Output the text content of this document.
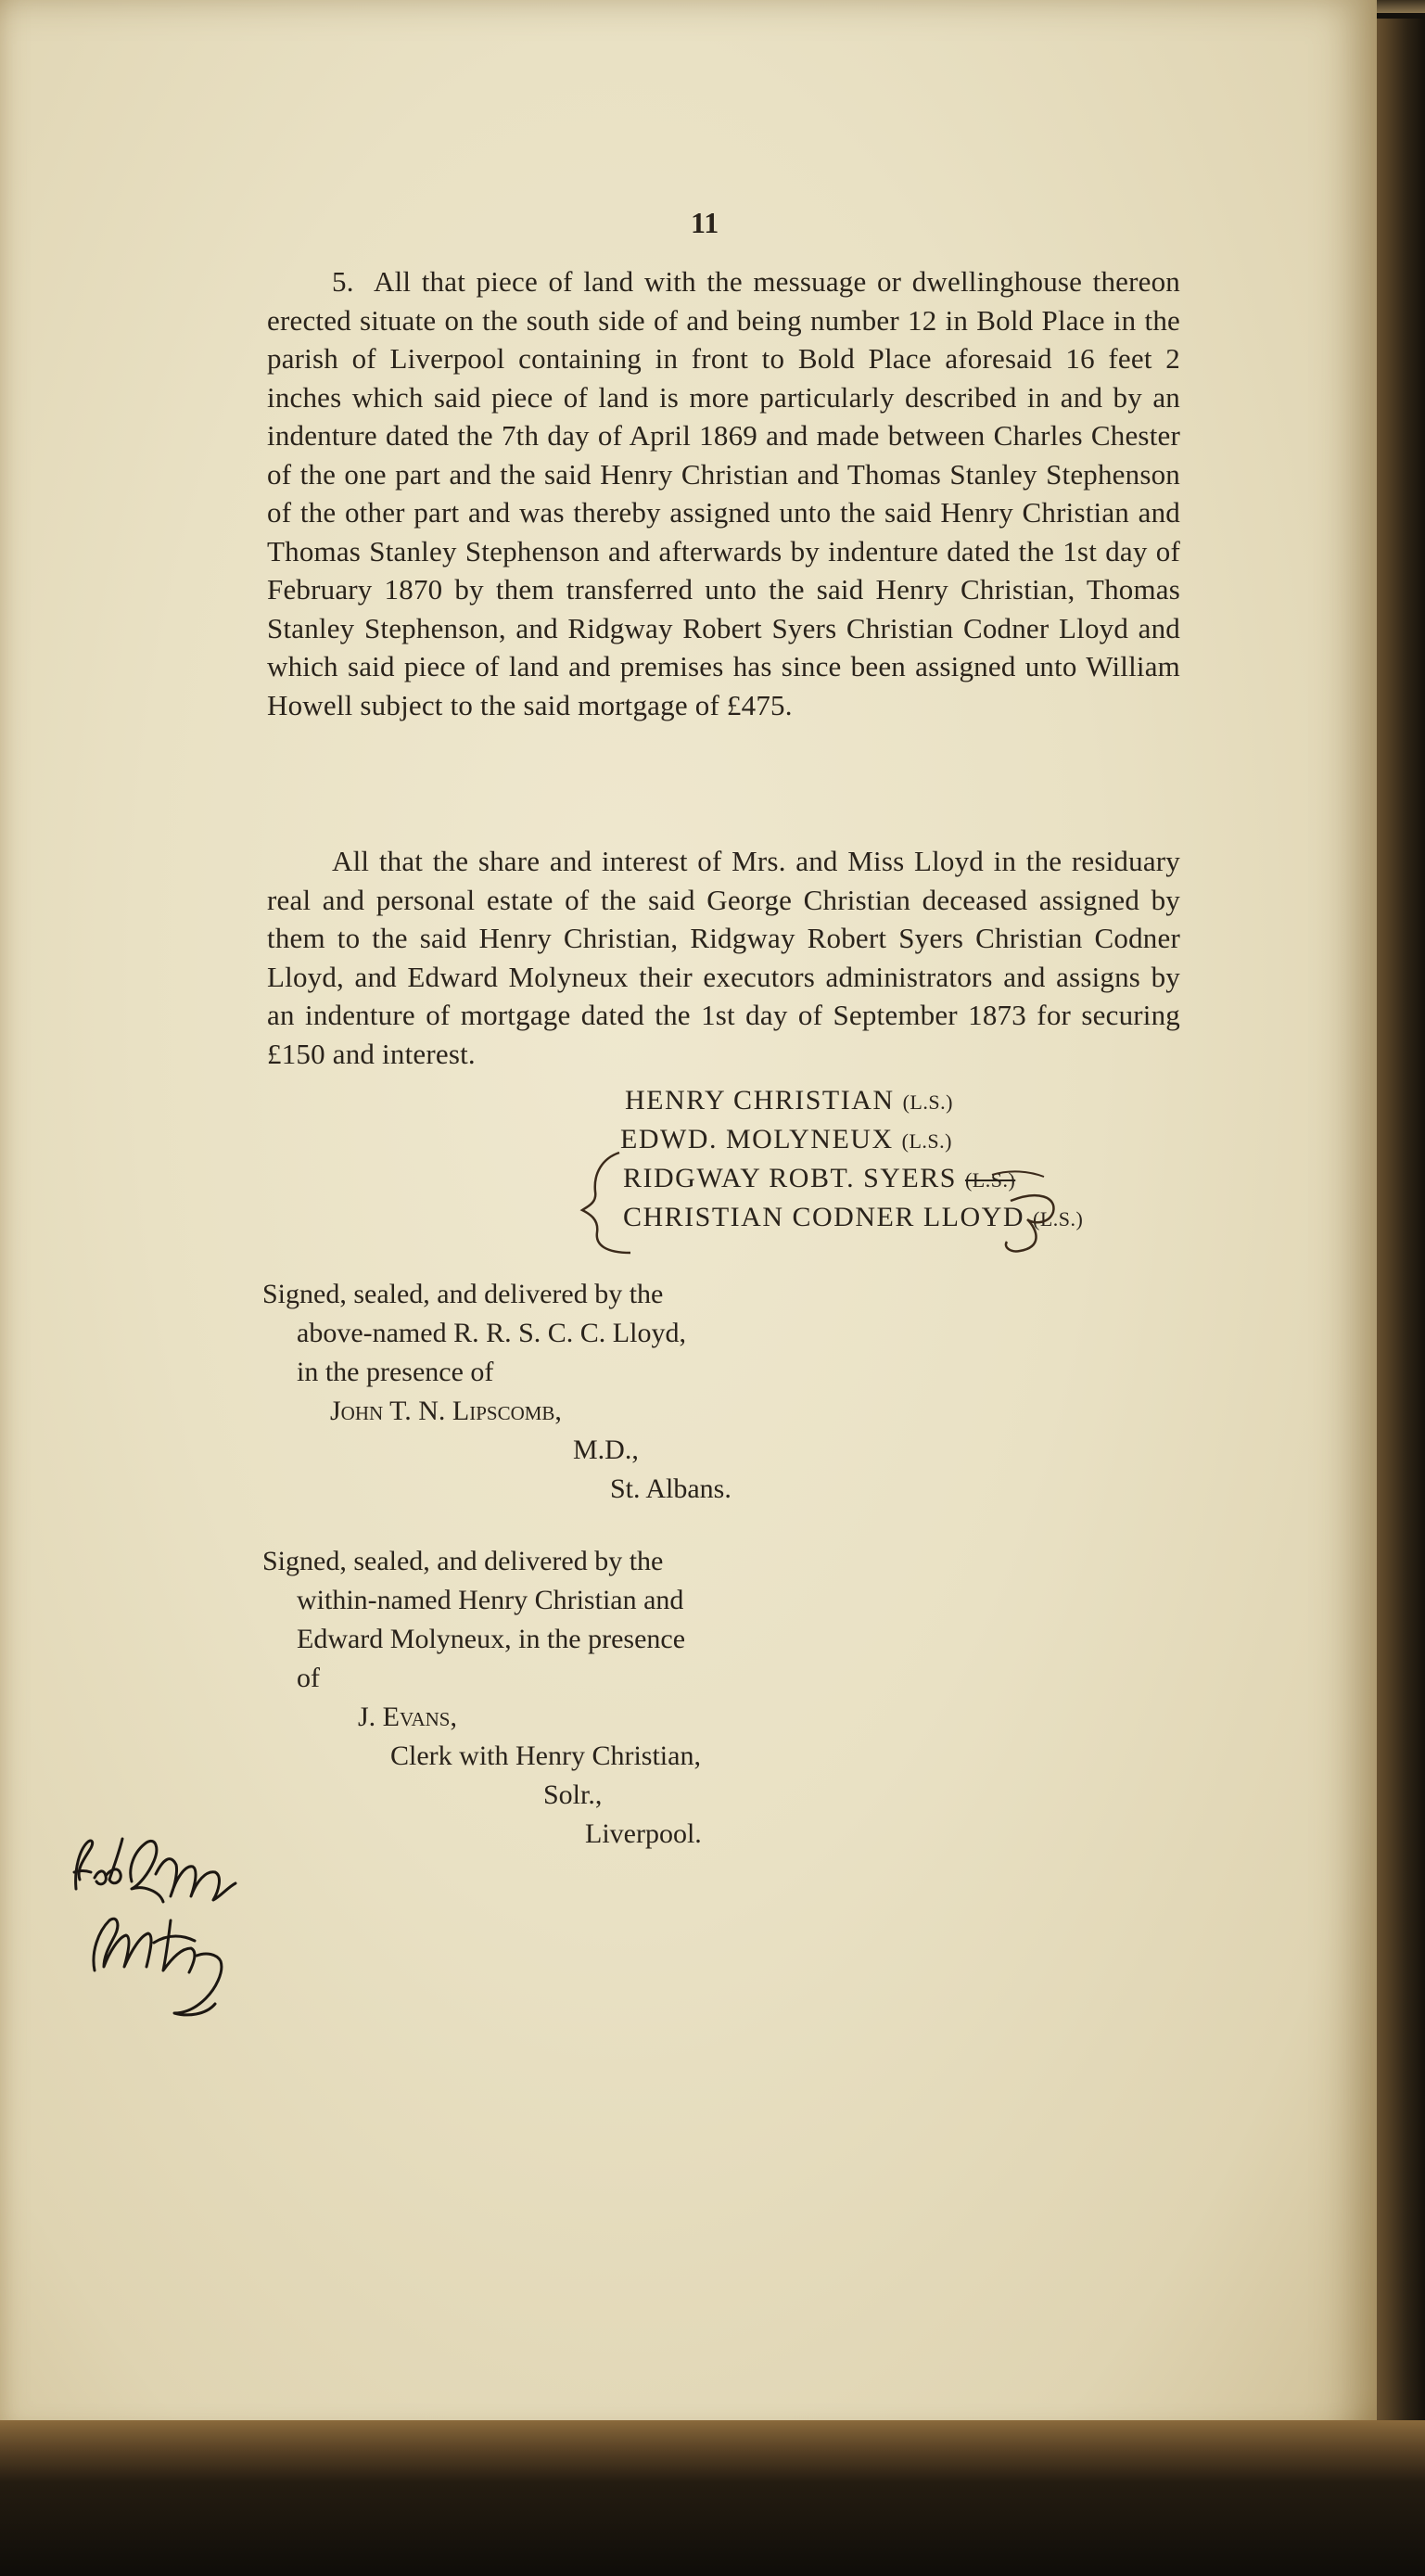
11
5. All that piece of land with the messuage or dwellinghouse thereon erected situate on the south side of and being number 12 in Bold Place in the parish of Liverpool containing in front to Bold Place aforesaid 16 feet 2 inches which said piece of land is more particularly described in and by an indenture dated the 7th day of April 1869 and made between Charles Chester of the one part and the said Henry Christian and Thomas Stanley Stephenson of the other part and was thereby assigned unto the said Henry Christian and Thomas Stanley Stephenson and afterwards by indenture dated the 1st day of February 1870 by them transferred unto the said Henry Christian, Thomas Stanley Stephenson, and Ridgway Robert Syers Christian Codner Lloyd and which said piece of land and premises has since been assigned unto William Howell subject to the said mortgage of £475.
All that the share and interest of Mrs. and Miss Lloyd in the residuary real and personal estate of the said George Christian deceased assigned by them to the said Henry Christian, Ridgway Robert Syers Christian Codner Lloyd, and Edward Molyneux their executors administrators and assigns by an indenture of mortgage dated the 1st day of September 1873 for securing £150 and interest.
HENRY CHRISTIAN (L.S.)
EDWD. MOLYNEUX (L.S.)
RIDGWAY ROBT. SYERS (L.S.)
CHRISTIAN CODNER LLOYD (L.S.)
Signed, sealed, and delivered by the
above-named R. R. S. C. C. Lloyd,
in the presence of
John T. N. Lipscomb,
M.D.,
St. Albans.
Signed, sealed, and delivered by the
within-named Henry Christian and
Edward Molyneux, in the presence
of
J. Evans,
Clerk with Henry Christian,
Solr.,
Liverpool.
